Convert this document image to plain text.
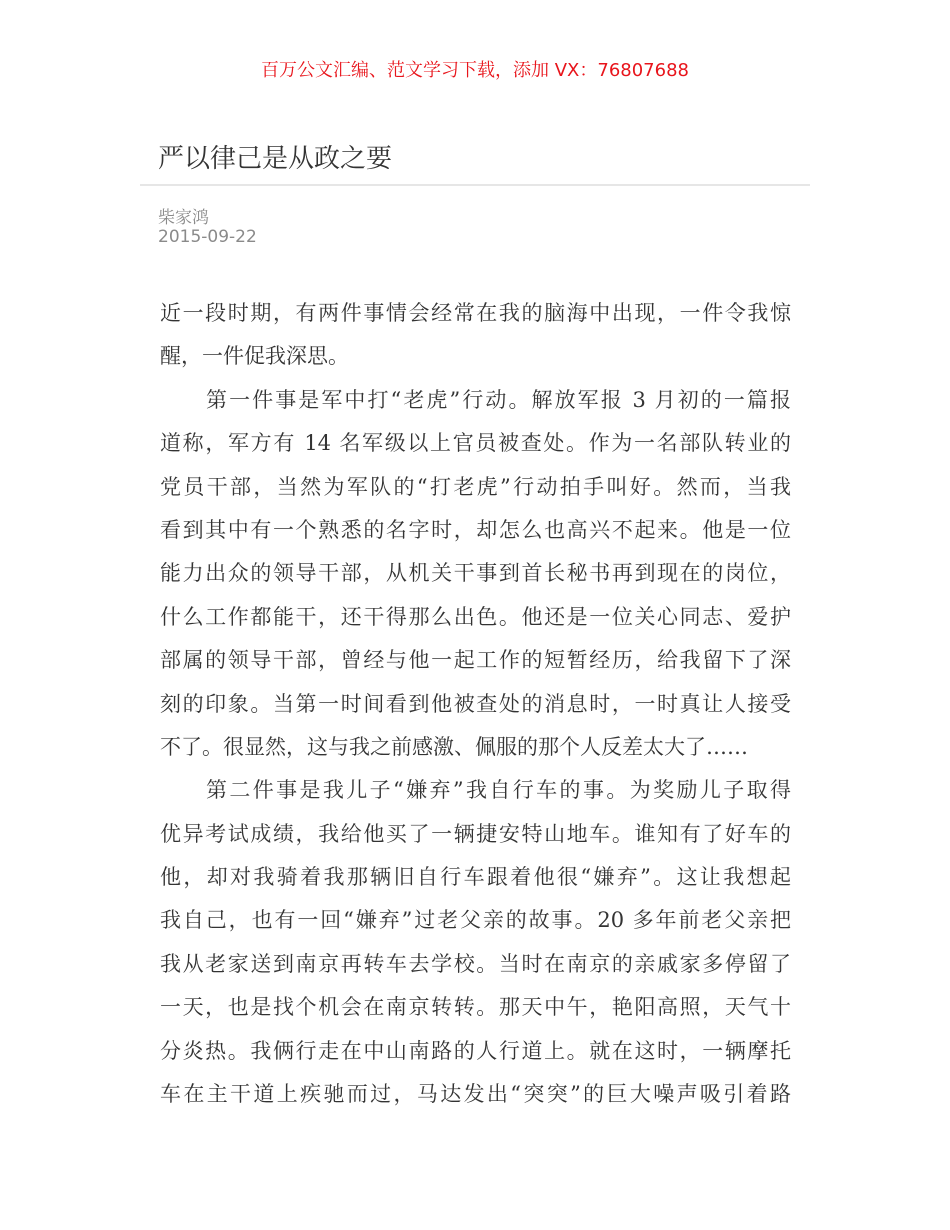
百万公文汇编、范文学习下载，添加 VX：76807688
严以律己是从政之要
柴家鸿
2015-09-22
近一段时期，有两件事情会经常在我的脑海中出现，一件令我惊
醒，一件促我深思。
第一件事是军中打“老虎”行动。解放军报 3 月初的一篇报
道称，军方有 14 名军级以上官员被查处。作为一名部队转业的
党员干部，当然为军队的“打老虎”行动拍手叫好。然而，当我
看到其中有一个熟悉的名字时，却怎么也高兴不起来。他是一位
能力出众的领导干部，从机关干事到首长秘书再到现在的岗位，
什么工作都能干，还干得那么出色。他还是一位关心同志、爱护
部属的领导干部，曾经与他一起工作的短暂经历，给我留下了深
刻的印象。当第一时间看到他被查处的消息时，一时真让人接受
不了。很显然，这与我之前感激、佩服的那个人反差太大了……
第二件事是我儿子“嫌弃”我自行车的事。为奖励儿子取得
优异考试成绩，我给他买了一辆捷安特山地车。谁知有了好车的
他，却对我骑着我那辆旧自行车跟着他很“嫌弃”。这让我想起
我自己，也有一回“嫌弃”过老父亲的故事。20 多年前老父亲把
我从老家送到南京再转车去学校。当时在南京的亲戚家多停留了
一天，也是找个机会在南京转转。那天中午，艳阳高照，天气十
分炎热。我俩行走在中山南路的人行道上。就在这时，一辆摩托
车在主干道上疾驰而过，马达发出“突突”的巨大噪声吸引着路
